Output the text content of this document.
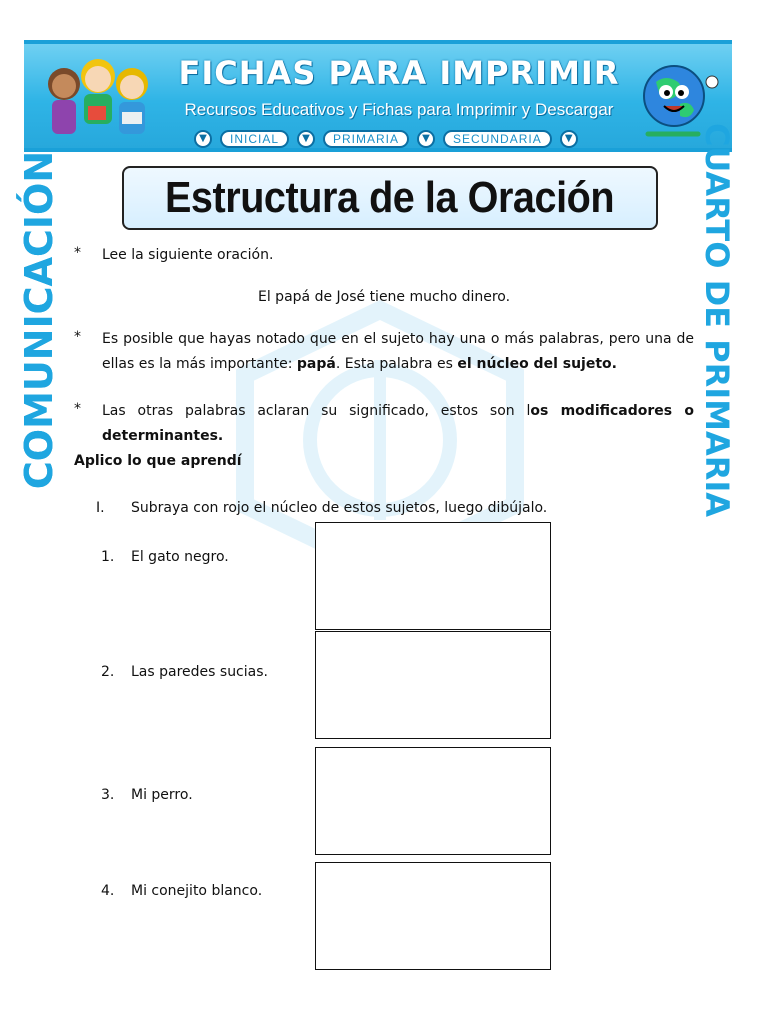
FICHAS PARA IMPRIMIR
Recursos Educativos y Fichas para Imprimir y Descargar
▼	INICIAL	▼	PRIMARIA	▼	SECUNDARIA	▼
COMUNICACIÓN	CUARTO DE PRIMARIA
Estructura de la Oración
* Lee la siguiente oración.
El papá de José tiene mucho dinero.
* Es posible que hayas notado que en el sujeto hay una o más palabras, pero una de ellas es la más importante: papá. Esta palabra es el núcleo del sujeto.
* Las otras palabras aclaran su significado, estos son los modificadores o determinantes.
Aplico lo que aprendí
I. Subraya con rojo el núcleo de estos sujetos, luego dibújalo.
1. El gato negro.
2. Las paredes sucias.
3. Mi perro.
4. Mi conejito blanco.
